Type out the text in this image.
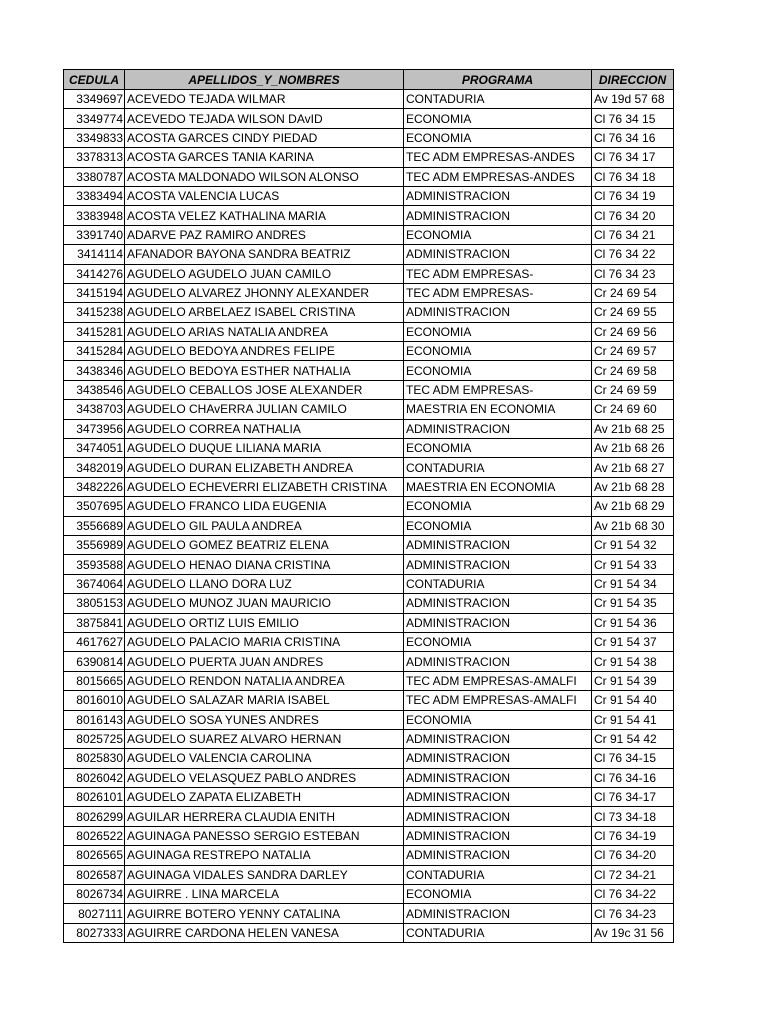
CEDULA	APELLIDOS_Y_NOMBRES	PROGRAMA	DIRECCION
3349697	ACEVEDO TEJADA WILMAR	CONTADURIA	Av 19d 57 68
3349774	ACEVEDO TEJADA WILSON DAvID	ECONOMIA	Cl 76 34 15
3349833	ACOSTA GARCES CINDY PIEDAD	ECONOMIA	Cl 76 34 16
3378313	ACOSTA GARCES TANIA KARINA	TEC ADM EMPRESAS-ANDES	Cl 76 34 17
3380787	ACOSTA MALDONADO WILSON ALONSO	TEC ADM EMPRESAS-ANDES	Cl 76 34 18
3383494	ACOSTA VALENCIA LUCAS	ADMINISTRACION	Cl 76 34 19
3383948	ACOSTA VELEZ KATHALINA MARIA	ADMINISTRACION	Cl 76 34 20
3391740	ADARVE PAZ RAMIRO ANDRES	ECONOMIA	Cl 76 34 21
3414114	AFANADOR BAYONA SANDRA BEATRIZ	ADMINISTRACION	Cl 76 34 22
3414276	AGUDELO AGUDELO JUAN CAMILO	TEC ADM EMPRESAS-	Cl 76 34 23
3415194	AGUDELO ALVAREZ JHONNY ALEXANDER	TEC ADM EMPRESAS-	Cr 24 69 54
3415238	AGUDELO ARBELAEZ ISABEL CRISTINA	ADMINISTRACION	Cr 24 69 55
3415281	AGUDELO ARIAS NATALIA ANDREA	ECONOMIA	Cr 24 69 56
3415284	AGUDELO BEDOYA ANDRES FELIPE	ECONOMIA	Cr 24 69 57
3438346	AGUDELO BEDOYA ESTHER NATHALIA	ECONOMIA	Cr 24 69 58
3438546	AGUDELO CEBALLOS JOSE ALEXANDER	TEC ADM EMPRESAS-	Cr 24 69 59
3438703	AGUDELO CHAvERRA JULIAN CAMILO	MAESTRIA EN ECONOMIA	Cr 24 69 60
3473956	AGUDELO CORREA NATHALIA	ADMINISTRACION	Av 21b 68 25
3474051	AGUDELO DUQUE LILIANA MARIA	ECONOMIA	Av 21b 68 26
3482019	AGUDELO DURAN ELIZABETH ANDREA	CONTADURIA	Av 21b 68 27
3482226	AGUDELO ECHEVERRI ELIZABETH CRISTINA	MAESTRIA EN ECONOMIA	Av 21b 68 28
3507695	AGUDELO FRANCO LIDA EUGENIA	ECONOMIA	Av 21b 68 29
3556689	AGUDELO GIL PAULA ANDREA	ECONOMIA	Av 21b 68 30
3556989	AGUDELO GOMEZ BEATRIZ ELENA	ADMINISTRACION	Cr 91 54 32
3593588	AGUDELO HENAO DIANA CRISTINA	ADMINISTRACION	Cr 91 54 33
3674064	AGUDELO LLANO DORA LUZ	CONTADURIA	Cr 91 54 34
3805153	AGUDELO MUNOZ JUAN MAURICIO	ADMINISTRACION	Cr 91 54 35
3875841	AGUDELO ORTIZ LUIS EMILIO	ADMINISTRACION	Cr 91 54 36
4617627	AGUDELO PALACIO MARIA CRISTINA	ECONOMIA	Cr 91 54 37
6390814	AGUDELO PUERTA JUAN ANDRES	ADMINISTRACION	Cr 91 54 38
8015665	AGUDELO RENDON NATALIA ANDREA	TEC ADM EMPRESAS-AMALFI	Cr 91 54 39
8016010	AGUDELO SALAZAR MARIA ISABEL	TEC ADM EMPRESAS-AMALFI	Cr 91 54 40
8016143	AGUDELO SOSA YUNES ANDRES	ECONOMIA	Cr 91 54 41
8025725	AGUDELO SUAREZ ALVARO HERNAN	ADMINISTRACION	Cr 91 54 42
8025830	AGUDELO VALENCIA CAROLINA	ADMINISTRACION	Cl 76 34-15
8026042	AGUDELO VELASQUEZ PABLO ANDRES	ADMINISTRACION	Cl 76 34-16
8026101	AGUDELO ZAPATA ELIZABETH	ADMINISTRACION	Cl 76 34-17
8026299	AGUILAR HERRERA CLAUDIA ENITH	ADMINISTRACION	Cl 73 34-18
8026522	AGUINAGA PANESSO SERGIO ESTEBAN	ADMINISTRACION	Cl 76 34-19
8026565	AGUINAGA RESTREPO NATALIA	ADMINISTRACION	Cl 76 34-20
8026587	AGUINAGA VIDALES SANDRA DARLEY	CONTADURIA	Cl 72 34-21
8026734	AGUIRRE . LINA MARCELA	ECONOMIA	Cl 76 34-22
8027111	AGUIRRE BOTERO YENNY CATALINA	ADMINISTRACION	Cl 76 34-23
8027333	AGUIRRE CARDONA HELEN VANESA	CONTADURIA	Av 19c 31 56
